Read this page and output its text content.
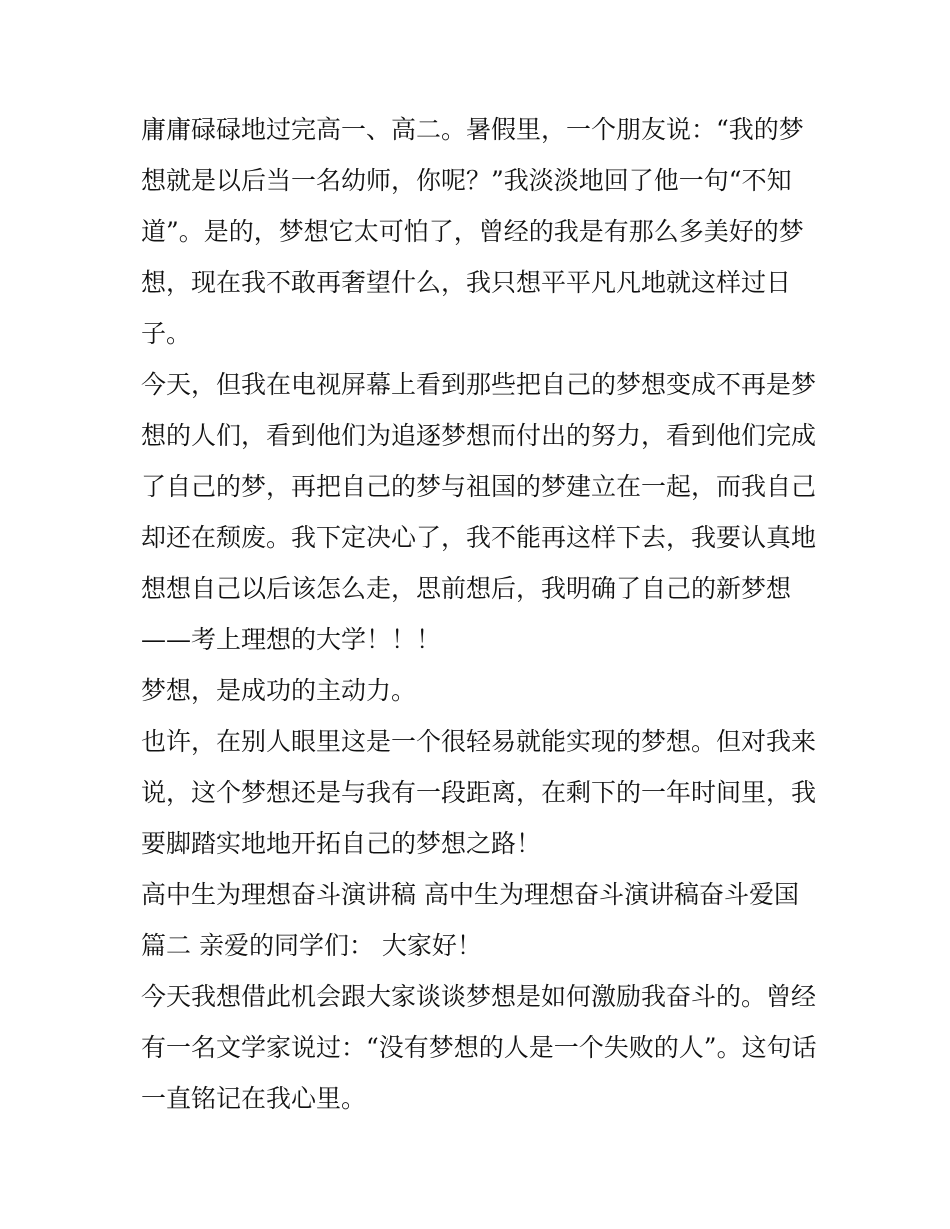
庸庸碌碌地过完高一、高二。暑假里，一个朋友说：“我的梦
想就是以后当一名幼师，你呢？”我淡淡地回了他一句“不知
道”。是的，梦想它太可怕了，曾经的我是有那么多美好的梦
想，现在我不敢再奢望什么，我只想平平凡凡地就这样过日
子。
今天，但我在电视屏幕上看到那些把自己的梦想变成不再是梦
想的人们，看到他们为追逐梦想而付出的努力，看到他们完成
了自己的梦，再把自己的梦与祖国的梦建立在一起，而我自己
却还在颓废。我下定决心了，我不能再这样下去，我要认真地
想想自己以后该怎么走，思前想后，我明确了自己的新梦想
——考上理想的大学！！！
梦想，是成功的主动力。
也许，在别人眼里这是一个很轻易就能实现的梦想。但对我来
说，这个梦想还是与我有一段距离，在剩下的一年时间里，我
要脚踏实地地开拓自己的梦想之路！
高中生为理想奋斗演讲稿 高中生为理想奋斗演讲稿奋斗爱国
篇二 亲爱的同学们： 大家好！
今天我想借此机会跟大家谈谈梦想是如何激励我奋斗的。曾经
有一名文学家说过：“没有梦想的人是一个失败的人”。这句话
一直铭记在我心里。
